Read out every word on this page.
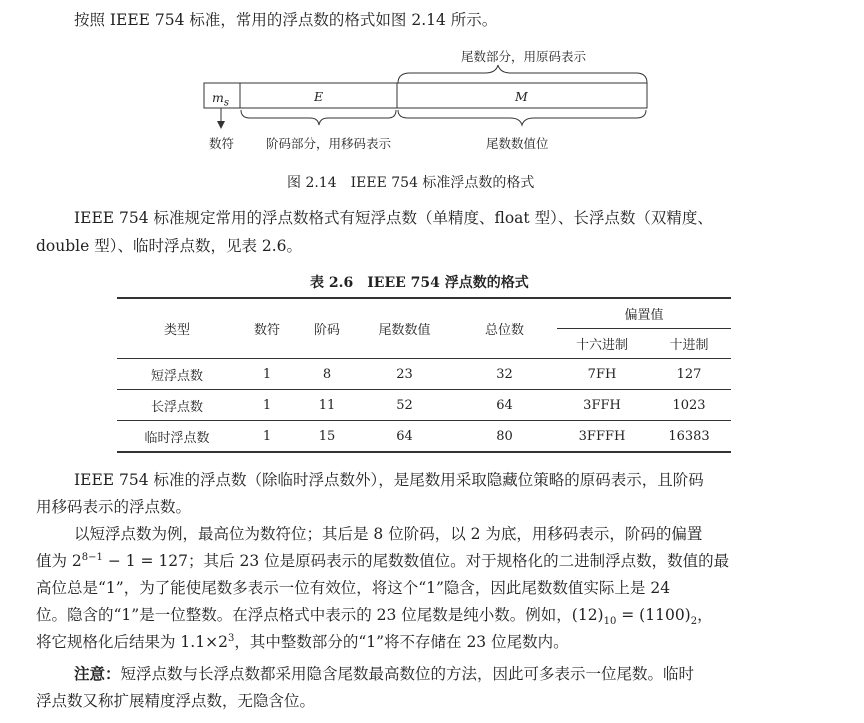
按照 IEEE 754 标准，常用的浮点数的格式如图 2.14 所示。
尾数部分，用原码表示
$m_s$	E	M
数符	阶码部分，用移码表示	尾数数值位
图 2.14　IEEE 754 标准浮点数的格式
IEEE 754 标准规定常用的浮点数格式有短浮点数（单精度、float 型）、长浮点数（双精度、
double 型）、临时浮点数，见表 2.6。
表 2.6　IEEE 754 浮点数的格式
类型	数符	阶码	尾数数值	总位数	偏置值	
					十六进制	十进制
短浮点数	1	8	23	32	7FH	127
长浮点数	1	11	52	64	3FFH	1023
临时浮点数	1	15	64	80	3FFFH	16383
IEEE 754 标准的浮点数（除临时浮点数外），是尾数用采取隐藏位策略的原码表示，且阶码
用移码表示的浮点数。
以短浮点数为例，最高位为数符位；其后是 8 位阶码，以 2 为底，用移码表示，阶码的偏置
值为 $2^{8-1} - 1 = 127$；其后 23 位是原码表示的尾数数值位。对于规格化的二进制浮点数，数值的最
高位总是“1”，为了能使尾数多表示一位有效位，将这个“1”隐含，因此尾数数值实际上是 24
位。隐含的“1”是一位整数。在浮点格式中表示的 23 位尾数是纯小数。例如，$(12)_{10} = (1100)_2$，
将它规格化后结果为 $1.1\times 2^3$，其中整数部分的“1”将不存储在 23 位尾数内。
注意：短浮点数与长浮点数都采用隐含尾数最高数位的方法，因此可多表示一位尾数。临时
浮点数又称扩展精度浮点数，无隐含位。
